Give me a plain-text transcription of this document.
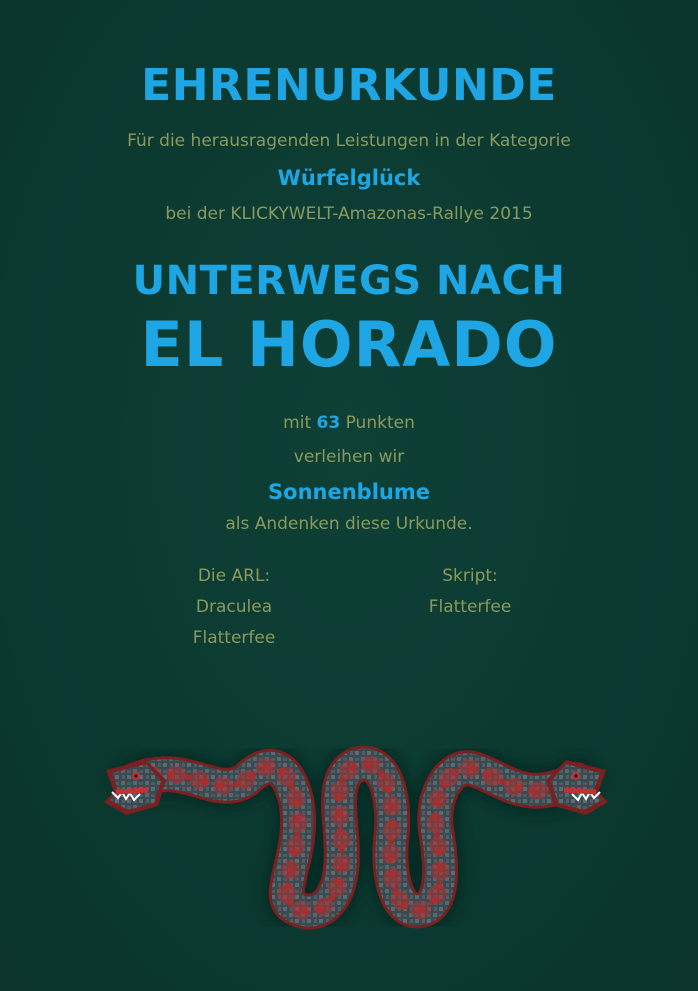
EHRENURKUNDE
Für die herausragenden Leistungen in der Kategorie
Würfelglück
bei der KLICKYWELT-Amazonas-Rallye 2015
UNTERWEGS NACH
EL HORADO
mit 63 Punkten
verleihen wir
Sonnenblume
als Andenken diese Urkunde.
Die ARL:
Draculea
Flatterfee
Skript:
Flatterfee
